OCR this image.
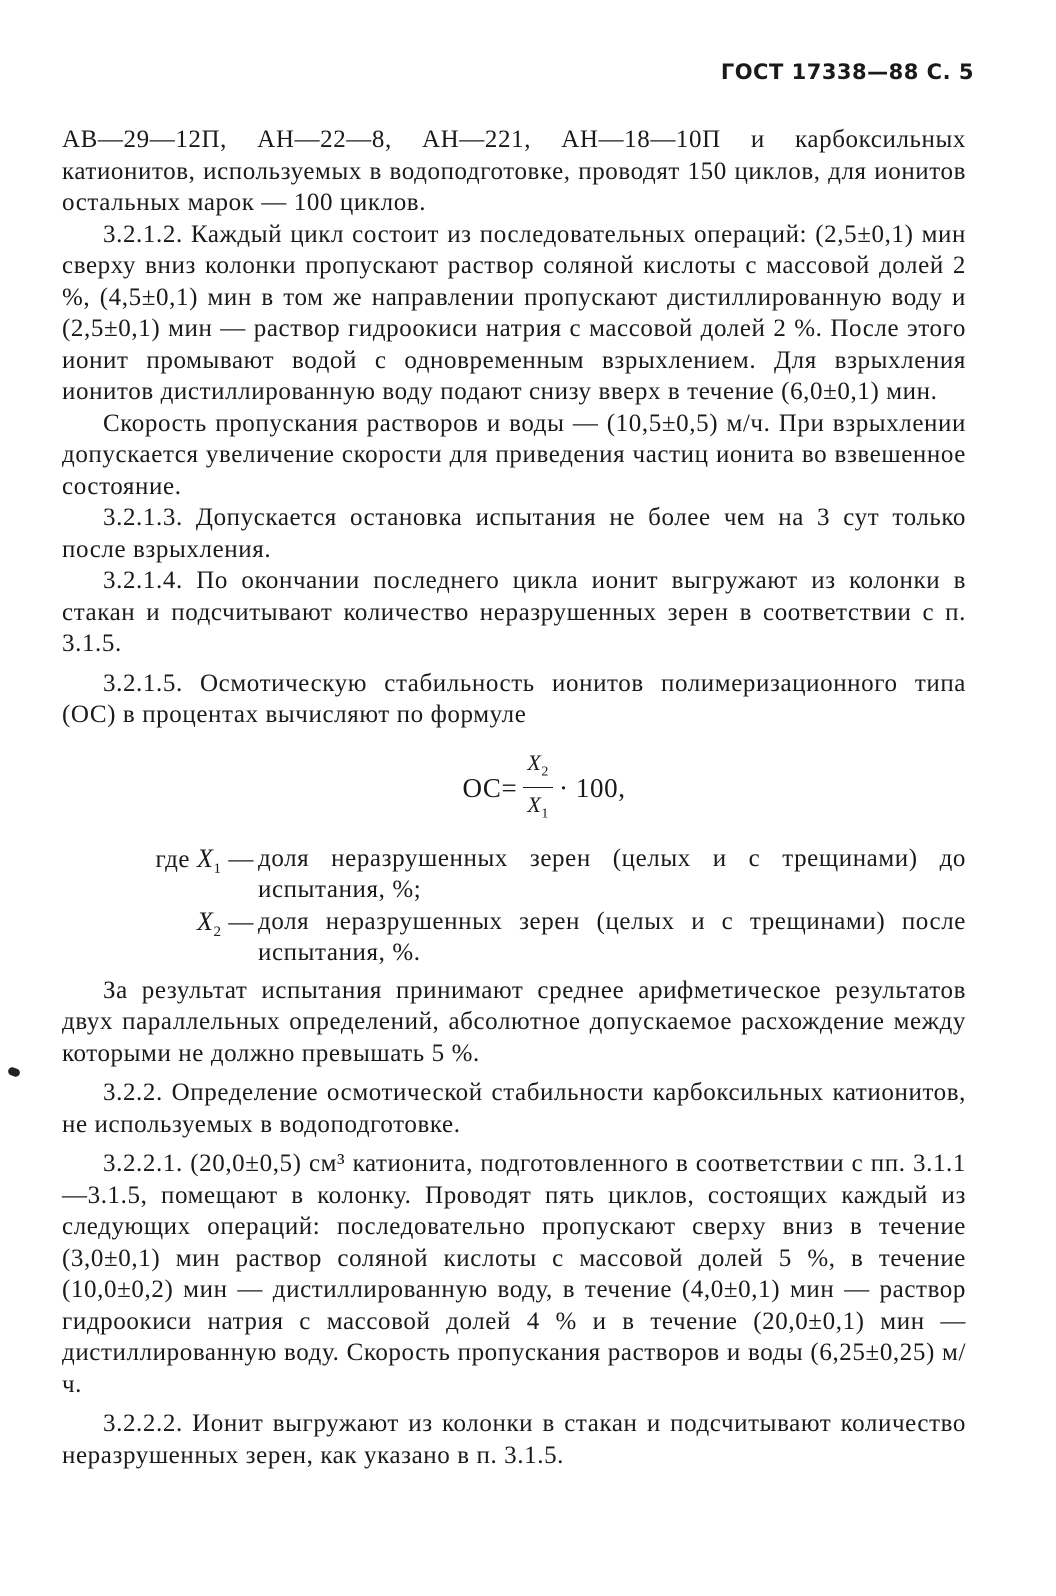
ГОСТ 17338—88 С. 5

АВ—29—12П, АН—22—8, АН—221, АН—18—10П и карбоксильных катионитов, используемых в водоподготовке, проводят 150 циклов, для ионитов остальных марок — 100 циклов.

3.2.1.2. Каждый цикл состоит из последовательных операций: (2,5±0,1) мин сверху вниз колонки пропускают раствор соляной кислоты с массовой долей 2 %, (4,5±0,1) мин в том же направлении пропускают дистиллированную воду и (2,5±0,1) мин — раствор гидроокиси натрия с массовой долей 2 %. После этого ионит промывают водой с одновременным взрыхлением. Для взрыхления ионитов дистиллированную воду подают снизу вверх в течение (6,0±0,1) мин.

Скорость пропускания растворов и воды — (10,5±0,5) м/ч. При взрыхлении допускается увеличение скорости для приведения частиц ионита во взвешенное состояние.

3.2.1.3. Допускается остановка испытания не более чем на 3 сут только после взрыхления.

3.2.1.4. По окончании последнего цикла ионит выгружают из колонки в стакан и подсчитывают количество неразрушенных зерен в соответствии с п. 3.1.5.

3.2.1.5. Осмотическую стабильность ионитов полимеризационного типа (ОС) в процентах вычисляют по формуле

$ОС= \frac{X_2}{X_1} \cdot 100$,
где $X_1$ — доля неразрушенных зерен (целых и с трещинами) до испытания, %;
$X_2$ — доля неразрушенных зерен (целых и с трещинами) после испытания, %.

За результат испытания принимают среднее арифметическое результатов двух параллельных определений, абсолютное допускаемое расхождение между которыми не должно превышать 5 %.

3.2.2. Определение осмотической стабильности карбоксильных катионитов, не используемых в водоподготовке.

3.2.2.1. (20,0±0,5) см³ катионита, подготовленного в соответствии с пп. 3.1.1—3.1.5, помещают в колонку. Проводят пять циклов, состоящих каждый из следующих операций: последовательно пропускают сверху вниз в течение (3,0±0,1) мин раствор соляной кислоты с массовой долей 5 %, в течение (10,0±0,2) мин — дистиллированную воду, в течение (4,0±0,1) мин — раствор гидроокиси натрия с массовой долей 4 % и в течение (20,0±0,1) мин — дистиллированную воду. Скорость пропускания растворов и воды (6,25±0,25) м/ч.

3.2.2.2. Ионит выгружают из колонки в стакан и подсчитывают количество неразрушенных зерен, как указано в п. 3.1.5.
